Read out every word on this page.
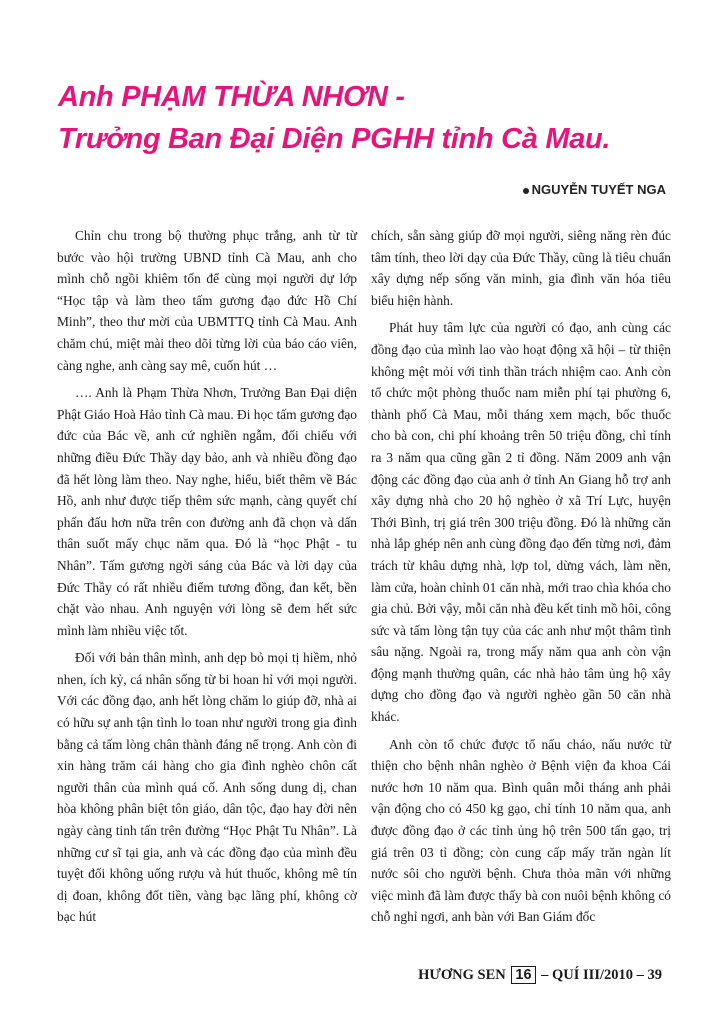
Anh PHẠM THỪA NHƠN -
Trưởng Ban Đại Diện PGHH tỉnh Cà Mau.
NGUYỄN TUYẾT NGA

Chỉn chu trong bộ thường phục trắng, anh từ từ bước vào hội trường UBND tỉnh Cà Mau, anh cho mình chỗ ngồi khiêm tốn để cùng mọi người dự lớp “Học tập và làm theo tấm gương đạo đức Hồ Chí Minh”, theo thư mời của UBMTTQ tỉnh Cà Mau. Anh chăm chú, miệt mài theo dõi từng lời của báo cáo viên, càng nghe, anh càng say mê, cuốn hút …

…. Anh là Phạm Thừa Nhơn, Trưởng Ban Đại diện Phật Giáo Hoà Hảo tỉnh Cà mau. Đi học tấm gương đạo đức của Bác về, anh cứ nghiền ngẫm, đối chiếu với những điều Đức Thầy dạy bảo, anh và nhiều đồng đạo đã hết lòng làm theo. Nay nghe, hiểu, biết thêm về Bác Hồ, anh như được tiếp thêm sức mạnh, càng quyết chí phấn đấu hơn nữa trên con đường anh đã chọn và dấn thân suốt mấy chục năm qua. Đó là “học Phật - tu Nhân”. Tấm gương ngời sáng của Bác và lời dạy của Đức Thầy có rất nhiều điểm tương đồng, đan kết, bền chặt vào nhau. Anh nguyện với lòng sẽ đem hết sức mình làm nhiều việc tốt.

Đối với bản thân mình, anh dẹp bỏ mọi tị hiềm, nhỏ nhen, ích kỷ, cá nhân sống từ bi hoan hỉ với mọi người. Với các đồng đạo, anh hết lòng chăm lo giúp đỡ, nhà ai có hữu sự anh tận tình lo toan như người trong gia đình bằng cả tấm lòng chân thành đáng nể trọng. Anh còn đi xin hàng trăm cái hàng cho gia đình nghèo chôn cất người thân của mình quá cố. Anh sống dung dị, chan hòa không phân biệt tôn giáo, dân tộc, đạo hay đời nên ngày càng tinh tấn trên đường “Học Phật Tu Nhân”. Là những cư sĩ tại gia, anh và các đồng đạo của mình đều tuyệt đối không uống rượu và hút thuốc, không mê tín dị đoan, không đốt tiền, vàng bạc lãng phí, không cờ bạc hút

chích, sẵn sàng giúp đỡ mọi người, siêng năng rèn đúc tâm tính, theo lời dạy của Đức Thầy, cũng là tiêu chuẩn xây dựng nếp sống văn minh, gia đình văn hóa tiêu biểu hiện hành.

Phát huy tâm lực của người có đạo, anh cùng các đồng đạo của mình lao vào hoạt động xã hội – từ thiện không mệt mỏi với tinh thần trách nhiệm cao. Anh còn tổ chức một phòng thuốc nam miễn phí tại phường 6, thành phố Cà Mau, mỗi tháng xem mạch, bốc thuốc cho bà con, chi phí khoảng trên 50 triệu đồng, chỉ tính ra 3 năm qua cũng gần 2 tỉ đồng. Năm 2009 anh vận động các đồng đạo của anh ở tỉnh An Giang hỗ trợ anh xây dựng nhà cho 20 hộ nghèo ở xã Trí Lực, huyện Thới Bình, trị giá trên 300 triệu đồng. Đó là những căn nhà lắp ghép nên anh cùng đồng đạo đến từng nơi, đảm trách từ khâu dựng nhà, lợp tol, dừng vách, làm nền, làm cửa, hoàn chỉnh 01 căn nhà, mới trao chìa khóa cho gia chủ. Bởi vậy, mỗi căn nhà đều kết tinh mồ hôi, công sức và tấm lòng tận tụy của các anh như một thâm tình sâu nặng. Ngoài ra, trong mấy năm qua anh còn vận động mạnh thường quân, các nhà hảo tâm ủng hộ xây dựng cho đồng đạo và người nghèo gần 50 căn nhà khác.

Anh còn tổ chức được tổ nấu cháo, nấu nước từ thiện cho bệnh nhân nghèo ở Bệnh viện đa khoa Cái nước hơn 10 năm qua. Bình quân mỗi tháng anh phải vận động cho có 450 kg gạo, chỉ tính 10 năm qua, anh được đồng đạo ở các tỉnh ủng hộ trên 500 tấn gạo, trị giá trên 03 tỉ đồng; còn cung cấp mấy trăn ngàn lít nước sôi cho người bệnh. Chưa thỏa mãn với những việc mình đã làm được thấy bà con nuôi bệnh không có chỗ nghỉ ngơi, anh bàn với Ban Giám đốc

HƯƠNG SEN 16 – QUÍ III/2010 – 39
